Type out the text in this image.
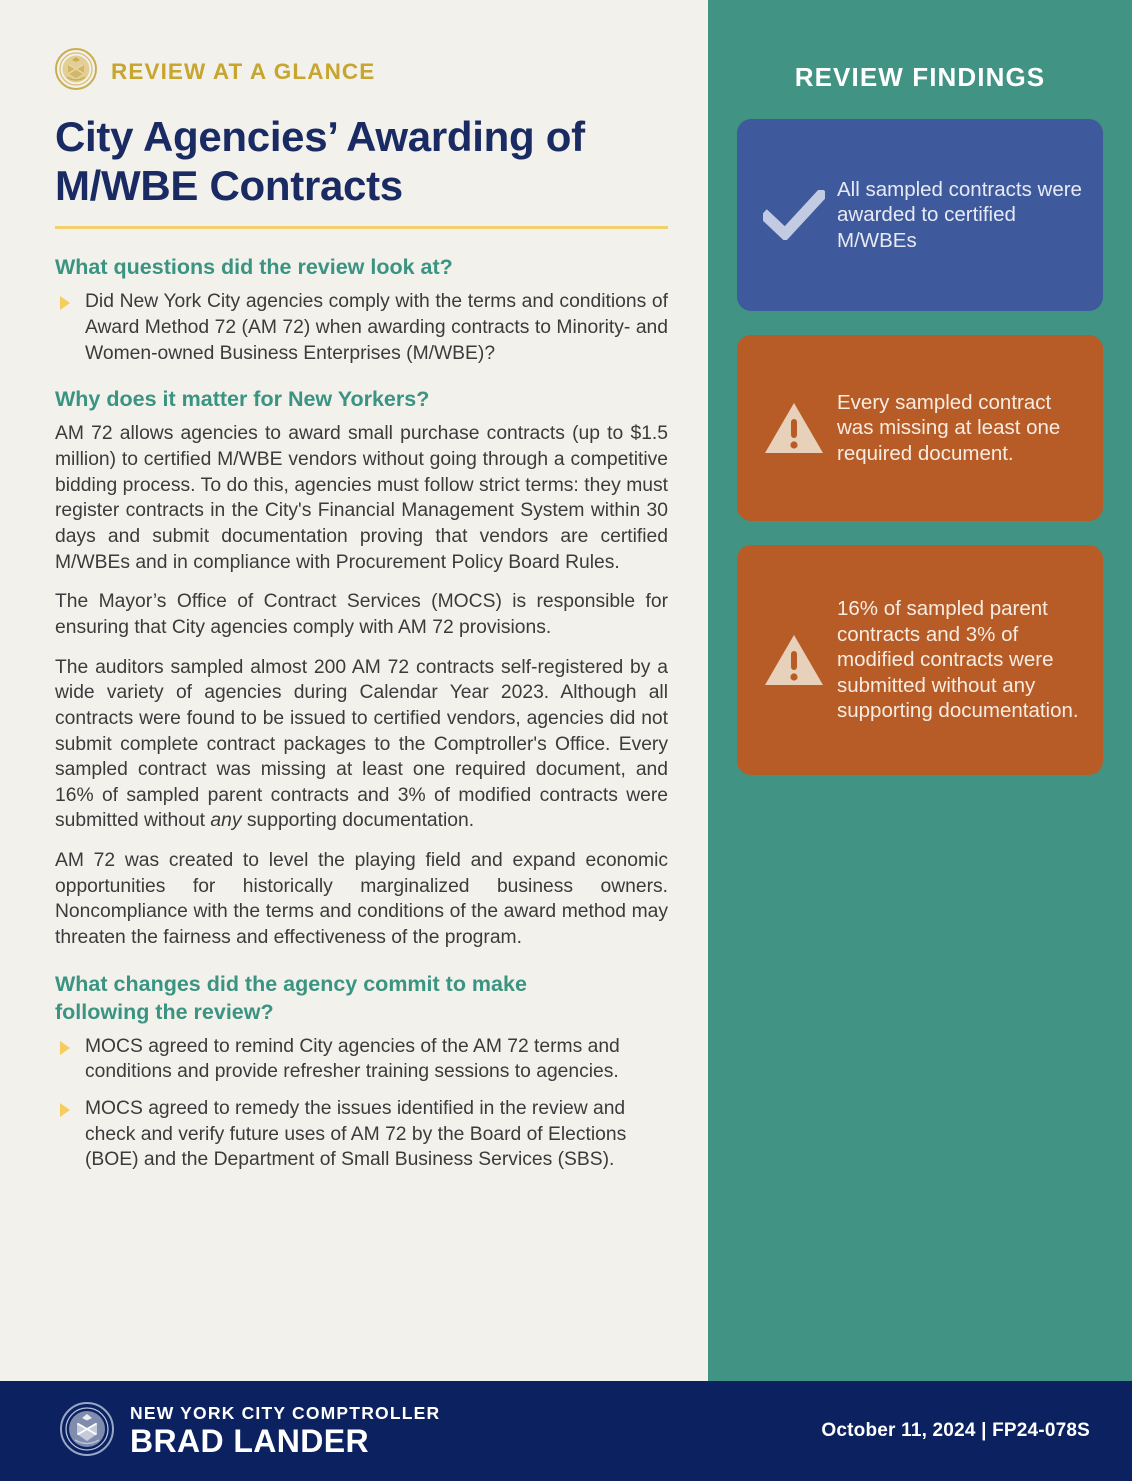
REVIEW FINDINGS
All sampled contracts were awarded to certified M/WBEs
Every sampled contract was missing at least one required document.
16% of sampled parent contracts and 3% of modified contracts were submitted without any supporting documentation.
REVIEW AT A GLANCE
City Agencies’ Awarding of
M/WBE Contracts
What questions did the review look at?
Did New York City agencies comply with the terms and conditions of Award Method 72 (AM 72) when awarding contracts to Minority- and Women-owned Business Enterprises (M/WBE)?
Why does it matter for New Yorkers?

AM 72 allows agencies to award small purchase contracts (up to $1.5 million) to certified M/WBE vendors without going through a competitive bidding process. To do this, agencies must follow strict terms: they must register contracts in the City's Financial Management System within 30 days and submit documentation proving that vendors are certified M/WBEs and in compliance with Procurement Policy Board Rules.

The Mayor’s Office of Contract Services (MOCS) is responsible for ensuring that City agencies comply with AM 72 provisions.

The auditors sampled almost 200 AM 72 contracts self-registered by a wide variety of agencies during Calendar Year 2023. Although all contracts were found to be issued to certified vendors, agencies did not submit complete contract packages to the Comptroller's Office. Every sampled contract was missing at least one required document, and 16% of sampled parent contracts and 3% of modified contracts were submitted without any supporting documentation.

AM 72 was created to level the playing field and expand economic opportunities for historically marginalized business owners. Noncompliance with the terms and conditions of the award method may threaten the fairness and effectiveness of the program.

What changes did the agency commit to make
following the review?
MOCS agreed to remind City agencies of the AM 72 terms and conditions and provide refresher training sessions to agencies.
MOCS agreed to remedy the issues identified in the review and check and verify future uses of AM 72 by the Board of Elections (BOE) and the Department of Small Business Services (SBS).
NEW YORK CITY COMPTROLLER
BRAD LANDER	October 11, 2024 | FP24-078S
